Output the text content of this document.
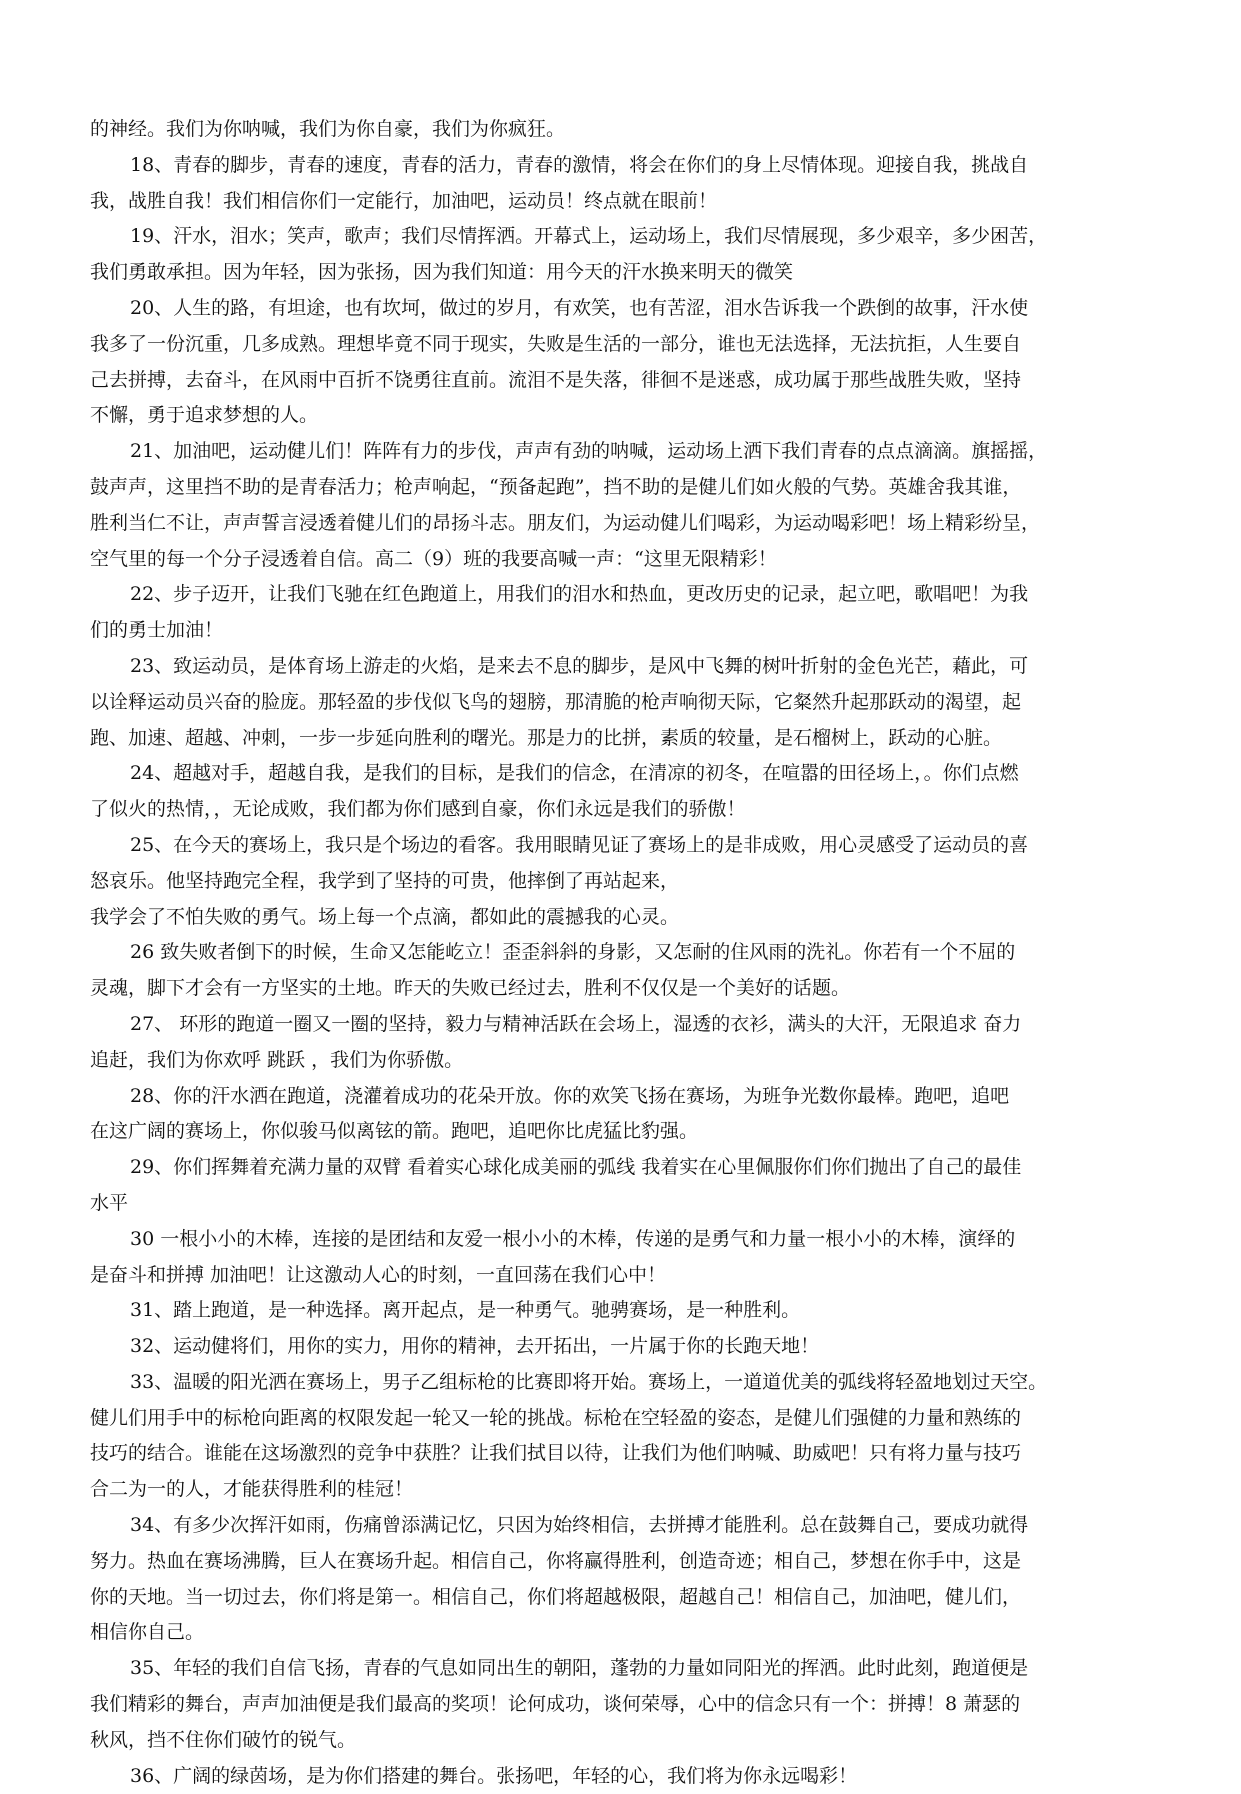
的神经。我们为你呐喊，我们为你自豪，我们为你疯狂。
18、青春的脚步，青春的速度，青春的活力，青春的激情，将会在你们的身上尽情体现。迎接自我，挑战自
我，战胜自我！我们相信你们一定能行，加油吧，运动员！终点就在眼前！
19、汗水，泪水；笑声，歌声；我们尽情挥洒。开幕式上，运动场上，我们尽情展现，多少艰辛，多少困苦，
我们勇敢承担。因为年轻，因为张扬，因为我们知道：用今天的汗水换来明天的微笑
20、人生的路，有坦途，也有坎坷，做过的岁月，有欢笑，也有苦涩，泪水告诉我一个跌倒的故事，汗水使
我多了一份沉重，几多成熟。理想毕竟不同于现实，失败是生活的一部分，谁也无法选择，无法抗拒，人生要自
己去拼搏，去奋斗，在风雨中百折不饶勇往直前。流泪不是失落，徘徊不是迷惑，成功属于那些战胜失败，坚持
不懈，勇于追求梦想的人。
21、加油吧，运动健儿们！阵阵有力的步伐，声声有劲的呐喊，运动场上洒下我们青春的点点滴滴。旗摇摇，
鼓声声，这里挡不助的是青春活力；枪声响起，“预备起跑”，挡不助的是健儿们如火般的气势。英雄舍我其谁，
胜利当仁不让，声声誓言浸透着健儿们的昂扬斗志。朋友们，为运动健儿们喝彩，为运动喝彩吧！场上精彩纷呈，
空气里的每一个分子浸透着自信。高二（9）班的我要高喊一声：“这里无限精彩！
22、步子迈开，让我们飞驰在红色跑道上，用我们的泪水和热血，更改历史的记录，起立吧，歌唱吧！为我
们的勇士加油！
23、致运动员，是体育场上游走的火焰，是来去不息的脚步，是风中飞舞的树叶折射的金色光芒，藉此，可
以诠释运动员兴奋的脸庞。那轻盈的步伐似飞鸟的翅膀，那清脆的枪声响彻天际，它粲然升起那跃动的渴望，起
跑、加速、超越、冲刺，一步一步延向胜利的曙光。那是力的比拼，素质的较量，是石榴树上，跃动的心脏。
24、超越对手，超越自我，是我们的目标，是我们的信念，在清凉的初冬，在喧嚣的田径场上，。你们点燃
了似火的热情，，无论成败，我们都为你们感到自豪，你们永远是我们的骄傲！
25、在今天的赛场上，我只是个场边的看客。我用眼睛见证了赛场上的是非成败，用心灵感受了运动员的喜
怒哀乐。他坚持跑完全程，我学到了坚持的可贵，他摔倒了再站起来，
我学会了不怕失败的勇气。场上每一个点滴，都如此的震撼我的心灵。
26 致失败者倒下的时候，生命又怎能屹立！歪歪斜斜的身影，又怎耐的住风雨的洗礼。你若有一个不屈的
灵魂，脚下才会有一方坚实的土地。昨天的失败已经过去，胜利不仅仅是一个美好的话题。
27、 环形的跑道一圈又一圈的坚持，毅力与精神活跃在会场上，湿透的衣衫，满头的大汗，无限追求 奋力
追赶，我们为你欢呼 跳跃 ，我们为你骄傲。
28、你的汗水洒在跑道，浇灌着成功的花朵开放。你的欢笑飞扬在赛场，为班争光数你最棒。跑吧，追吧
在这广阔的赛场上，你似骏马似离铉的箭。跑吧，追吧你比虎猛比豹强。
29、你们挥舞着充满力量的双臂 看着实心球化成美丽的弧线 我着实在心里佩服你们你们抛出了自己的最佳
水平
30 一根小小的木棒，连接的是团结和友爱一根小小的木棒，传递的是勇气和力量一根小小的木棒，演绎的
是奋斗和拼搏 加油吧！让这激动人心的时刻，一直回荡在我们心中！
31、踏上跑道，是一种选择。离开起点，是一种勇气。驰骋赛场，是一种胜利。
32、运动健将们，用你的实力，用你的精神，去开拓出，一片属于你的长跑天地！
33、温暖的阳光洒在赛场上，男子乙组标枪的比赛即将开始。赛场上，一道道优美的弧线将轻盈地划过天空。
健儿们用手中的标枪向距离的权限发起一轮又一轮的挑战。标枪在空轻盈的姿态，是健儿们强健的力量和熟练的
技巧的结合。谁能在这场激烈的竞争中获胜？让我们拭目以待，让我们为他们呐喊、助威吧！只有将力量与技巧
合二为一的人，才能获得胜利的桂冠！
34、有多少次挥汗如雨，伤痛曾添满记忆，只因为始终相信，去拼搏才能胜利。总在鼓舞自己，要成功就得
努力。热血在赛场沸腾，巨人在赛场升起。相信自己，你将赢得胜利，创造奇迹；相自己，梦想在你手中，这是
你的天地。当一切过去，你们将是第一。相信自己，你们将超越极限，超越自己！相信自己，加油吧，健儿们，
相信你自己。
35、年轻的我们自信飞扬，青春的气息如同出生的朝阳，蓬勃的力量如同阳光的挥洒。此时此刻，跑道便是
我们精彩的舞台，声声加油便是我们最高的奖项！论何成功，谈何荣辱，心中的信念只有一个：拼搏！8 萧瑟的
秋风，挡不住你们破竹的锐气。
36、广阔的绿茵场，是为你们搭建的舞台。张扬吧，年轻的心，我们将为你永远喝彩！
